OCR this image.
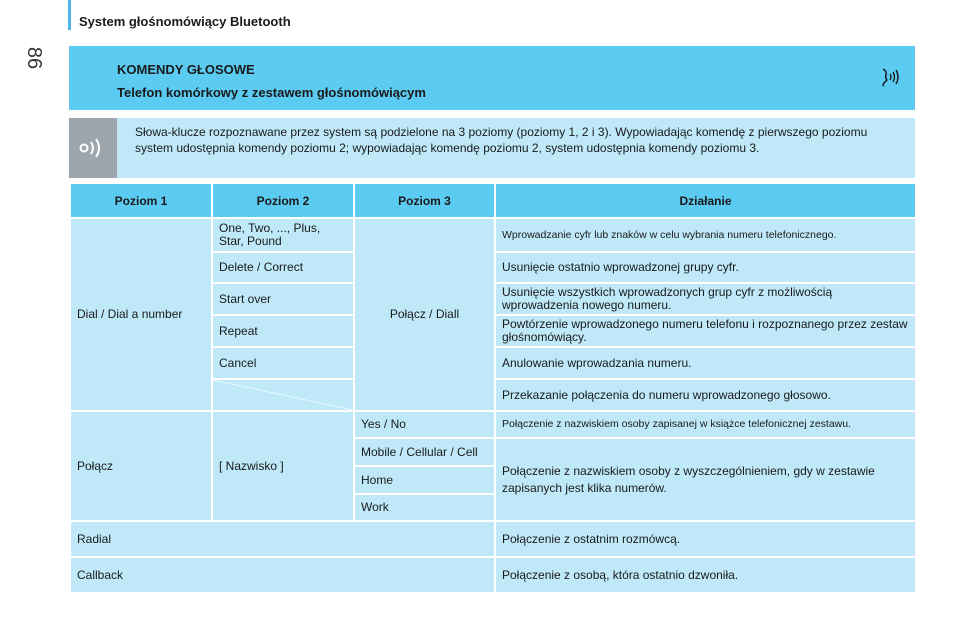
86
System głośnomówiący Bluetooth
KOMENDY GŁOSOWE
Telefon komórkowy z zestawem głośnomówiącym
Słowa-klucze rozpoznawane przez system są podzielone na 3 poziomy (poziomy 1, 2 i 3). Wypowiadając komendę z pierwszego poziomu system udostępnia komendy poziomu 2; wypowiadając komendę poziomu 2, system udostępnia komendy poziomu 3.
Poziom 1	Poziom 2	Poziom 3	Działanie
Dial / Dial a number	One, Two, ..., Plus, Star, Pound	Połącz / Diall	Wprowadzanie cyfr lub znaków w celu wybrania numeru telefonicznego.
	Delete / Correct		Usunięcie ostatnio wprowadzonej grupy cyfr.
	Start over		Usunięcie wszystkich wprowadzonych grup cyfr z możliwością wprowadzenia nowego numeru.
	Repeat		Powtórzenie wprowadzonego numeru telefonu i rozpoznanego przez zestaw głośnomówiący.
	Cancel		Anulowanie wprowadzania numeru.
			Przekazanie połączenia do numeru wprowadzonego głosowo.
Połącz	[ Nazwisko ]	Yes / No	Połączenie z nazwiskiem osoby zapisanej w książce telefonicznej zestawu.
		Mobile / Cellular / Cell	Połączenie z nazwiskiem osoby z wyszczególnieniem, gdy w zestawie zapisanych jest klika numerów.
		Home	
		Work	
Radial			Połączenie z ostatnim rozmówcą.
Callback			Połączenie z osobą, która ostatnio dzwoniła.
